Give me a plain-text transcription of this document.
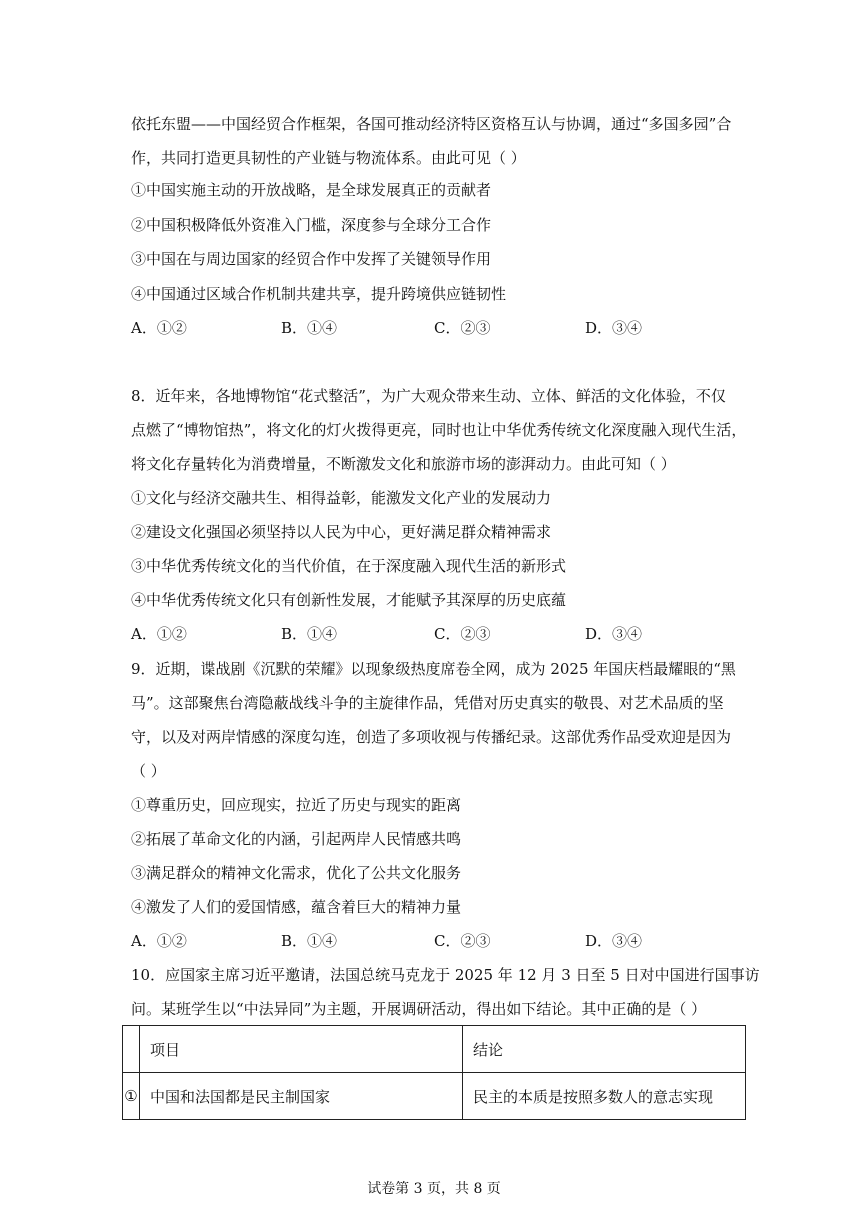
依托东盟——中国经贸合作框架，各国可推动经济特区资格互认与协调，通过“多国多园”合
作，共同打造更具韧性的产业链与物流体系。由此可见（ ）
①中国实施主动的开放战略，是全球发展真正的贡献者
②中国积极降低外资准入门槛，深度参与全球分工合作
③中国在与周边国家的经贸合作中发挥了关键领导作用
④中国通过区域合作机制共建共享，提升跨境供应链韧性
A．①②	B．①④	C．②③	D．③④
8．近年来，各地博物馆“花式整活”，为广大观众带来生动、立体、鲜活的文化体验，不仅
点燃了“博物馆热”，将文化的灯火拨得更亮，同时也让中华优秀传统文化深度融入现代生活，
将文化存量转化为消费增量，不断激发文化和旅游市场的澎湃动力。由此可知（ ）
①文化与经济交融共生、相得益彰，能激发文化产业的发展动力
②建设文化强国必须坚持以人民为中心，更好满足群众精神需求
③中华优秀传统文化的当代价值，在于深度融入现代生活的新形式
④中华优秀传统文化只有创新性发展，才能赋予其深厚的历史底蕴
A．①②	B．①④	C．②③	D．③④
9．近期，谍战剧《沉默的荣耀》以现象级热度席卷全网，成为 2025 年国庆档最耀眼的“黑
马”。这部聚焦台湾隐蔽战线斗争的主旋律作品，凭借对历史真实的敬畏、对艺术品质的坚
守，以及对两岸情感的深度勾连，创造了多项收视与传播纪录。这部优秀作品受欢迎是因为
（ ）
①尊重历史，回应现实，拉近了历史与现实的距离
②拓展了革命文化的内涵，引起两岸人民情感共鸣
③满足群众的精神文化需求，优化了公共文化服务
④激发了人们的爱国情感，蕴含着巨大的精神力量
A．①②	B．①④	C．②③	D．③④
10．应国家主席习近平邀请，法国总统马克龙于 2025 年 12 月 3 日至 5 日对中国进行国事访
问。某班学生以“中法异同”为主题，开展调研活动，得出如下结论。其中正确的是（ ）
	项目	结论
①	中国和法国都是民主制国家	民主的本质是按照多数人的意志实现
试卷第 3 页，共 8 页
